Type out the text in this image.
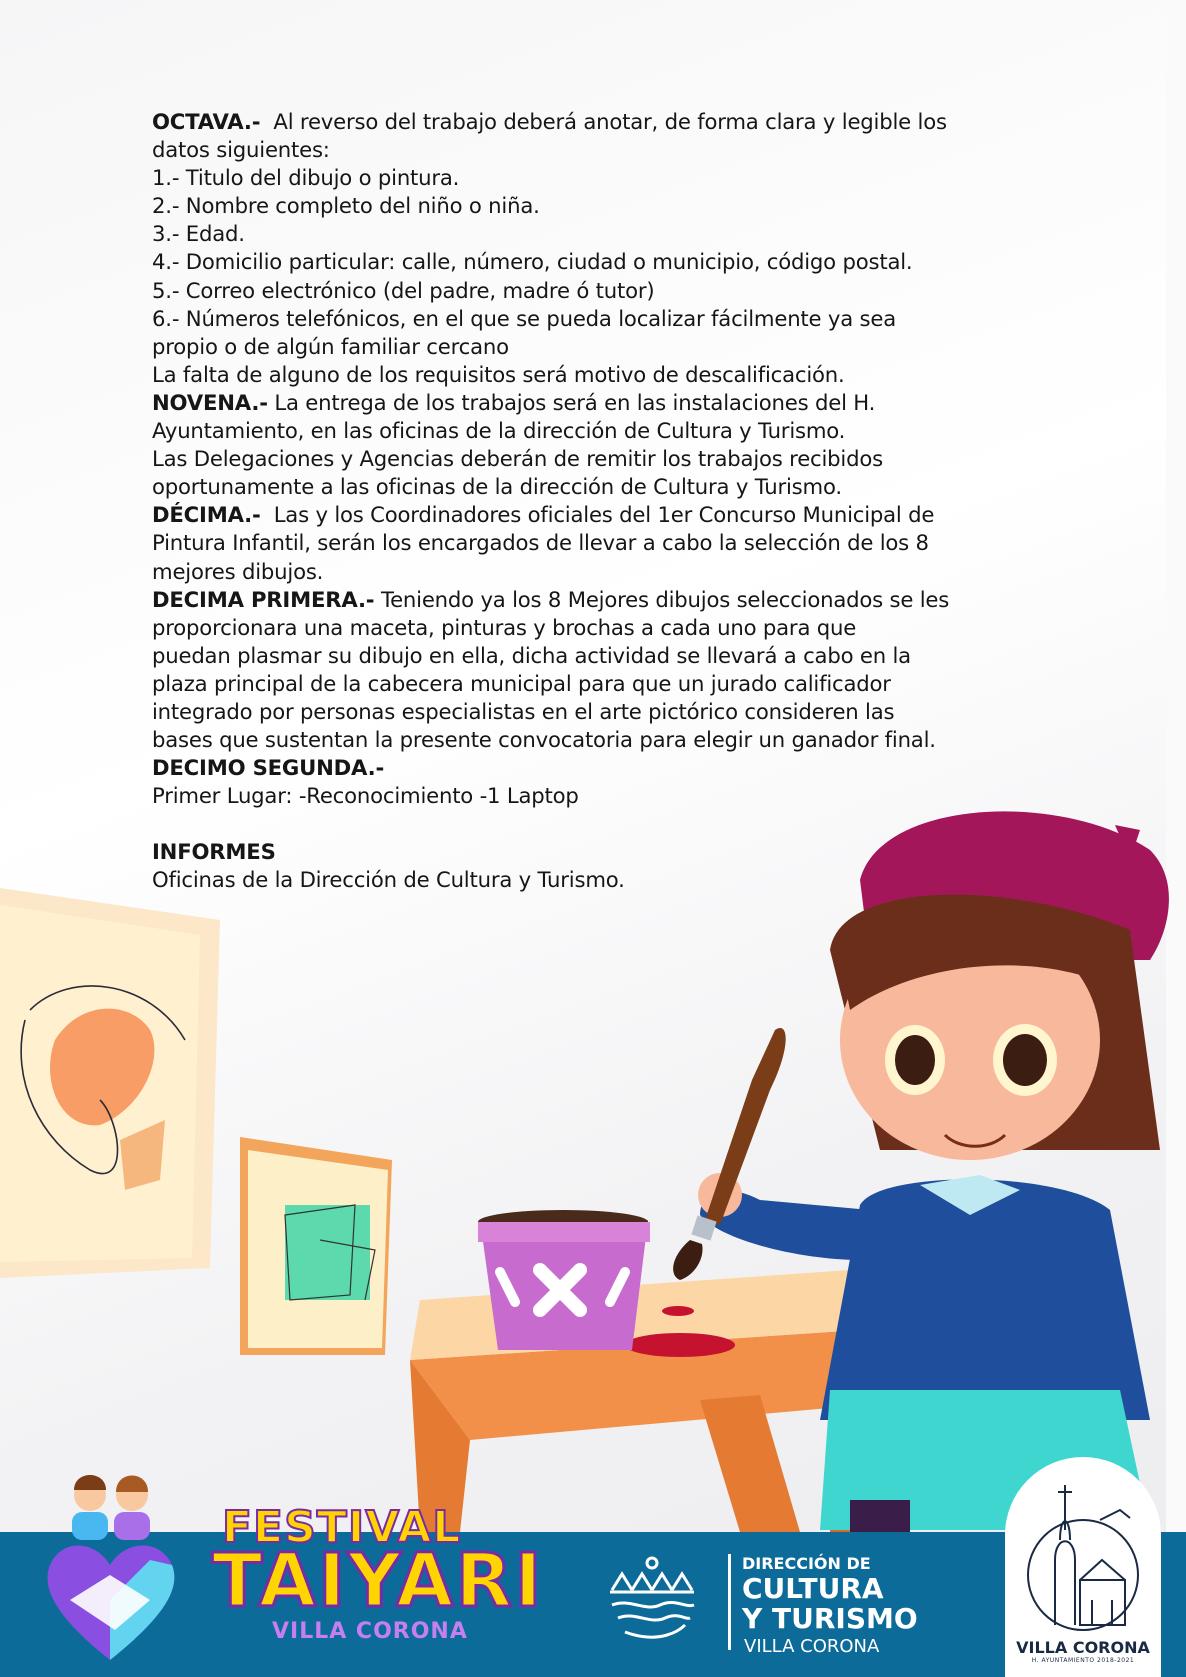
OCTAVA.- Al reverso del trabajo deberá anotar, de forma clara y legible los

datos siguientes:

1.- Titulo del dibujo o pintura.

2.- Nombre completo del niño o niña.

3.- Edad.

4.- Domicilio particular: calle, número, ciudad o municipio, código postal.

5.- Correo electrónico (del padre, madre ó tutor)

6.- Números telefónicos, en el que se pueda localizar fácilmente ya sea

propio o de algún familiar cercano

La falta de alguno de los requisitos será motivo de descalificación.

NOVENA.- La entrega de los trabajos será en las instalaciones del H.

Ayuntamiento, en las oficinas de la dirección de Cultura y Turismo.

Las Delegaciones y Agencias deberán de remitir los trabajos recibidos

oportunamente a las oficinas de la dirección de Cultura y Turismo.

DÉCIMA.- Las y los Coordinadores oficiales del 1er Concurso Municipal de

Pintura Infantil, serán los encargados de llevar a cabo la selección de los 8

mejores dibujos.

DECIMA PRIMERA.- Teniendo ya los 8 Mejores dibujos seleccionados se les

proporcionara una maceta, pinturas y brochas a cada uno para que

puedan plasmar su dibujo en ella, dicha actividad se llevará a cabo en la

plaza principal de la cabecera municipal para que un jurado calificador

integrado por personas especialistas en el arte pictórico consideren las

bases que sustentan la presente convocatoria para elegir un ganador final.

DECIMO SEGUNDA.-

Primer Lugar: -Reconocimiento -1 Laptop

INFORMES

Oficinas de la Dirección de Cultura y Turismo.

FESTIVAL
TAIYARI
VILLA CORONA
DIRECCIÓN DE
CULTURA
Y TURISMO
VILLA CORONA	VILLA CORONA
H. AYUNTAMIENTO 2018-2021
